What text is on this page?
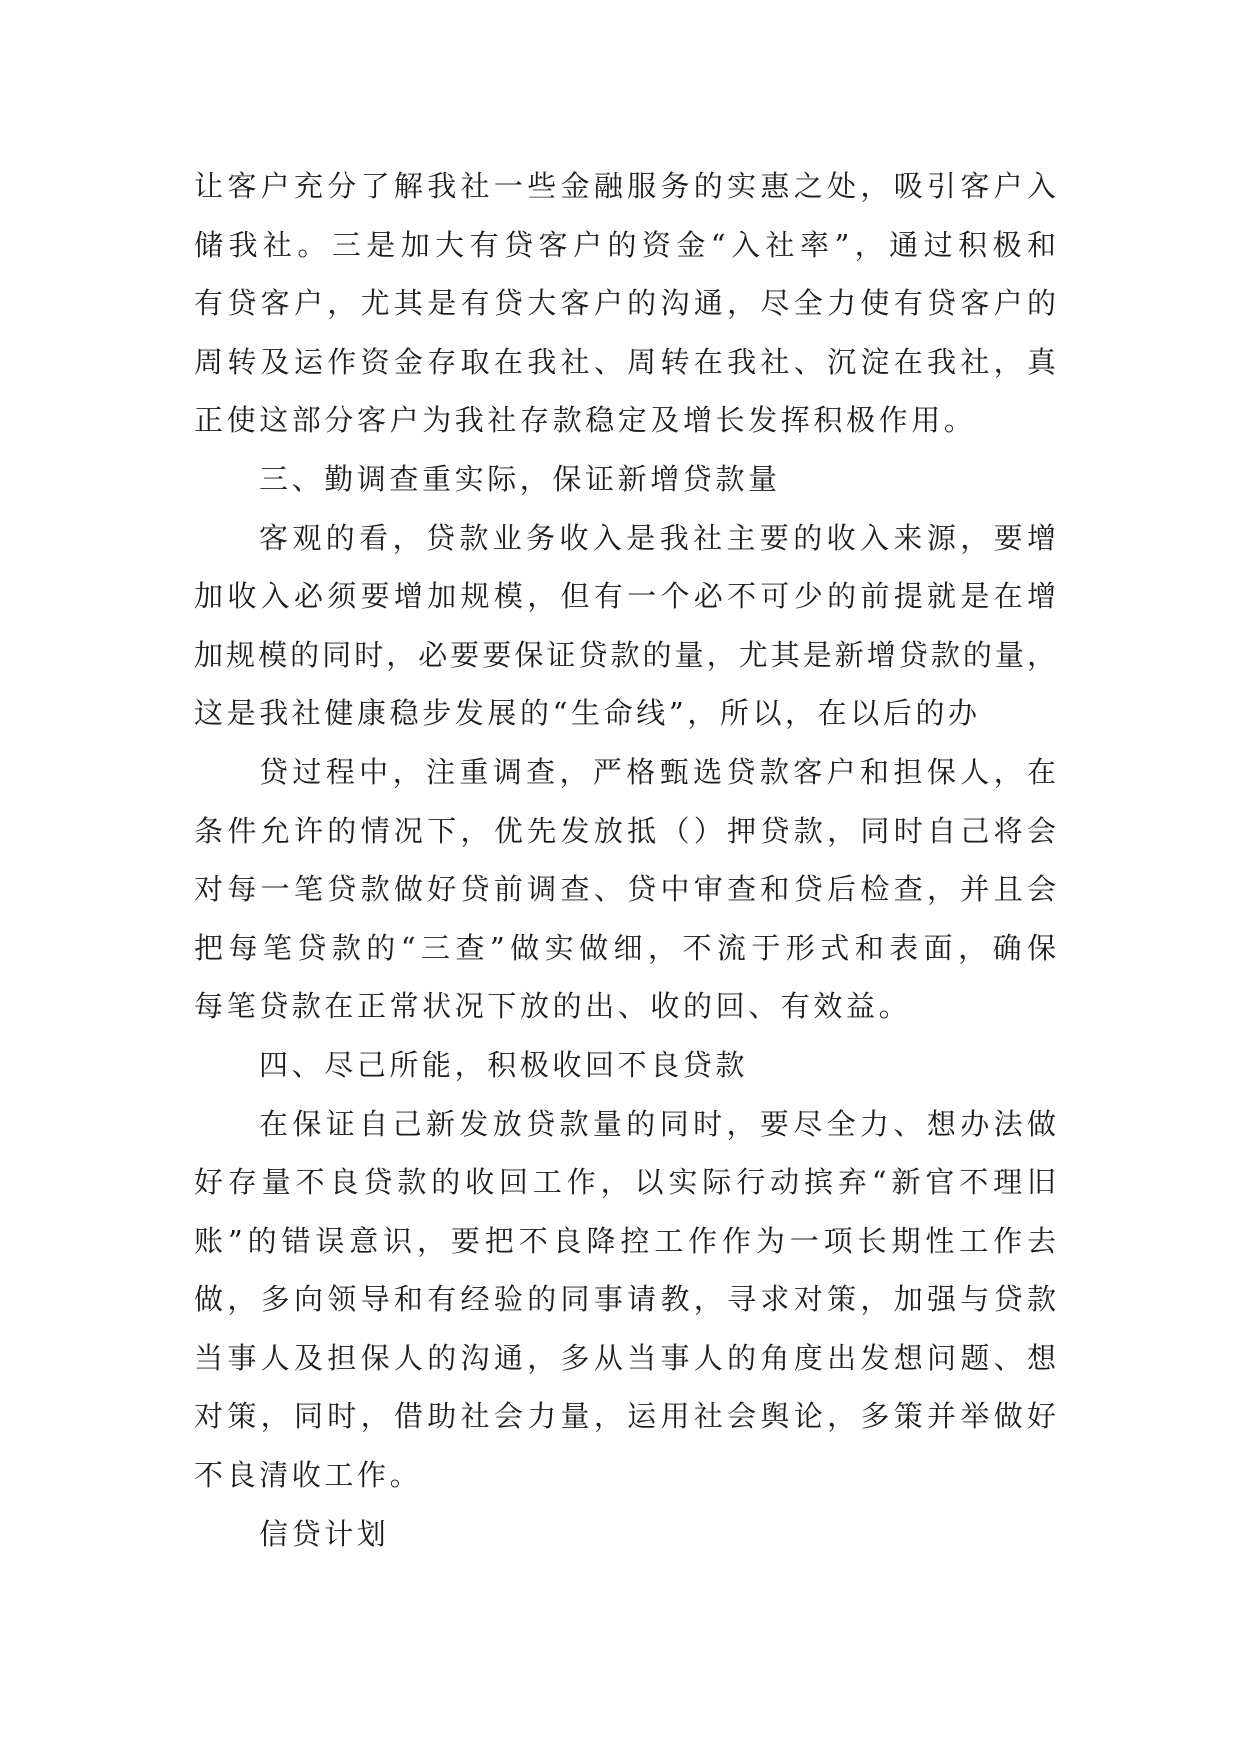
让客户充分了解我社一些金融服务的实惠之处，吸引客户入
储我社。三是加大有贷客户的资金“入社率”，通过积极和
有贷客户，尤其是有贷大客户的沟通，尽全力使有贷客户的
周转及运作资金存取在我社、周转在我社、沉淀在我社，真
正使这部分客户为我社存款稳定及增长发挥积极作用。
三、勤调查重实际，保证新增贷款量
客观的看，贷款业务收入是我社主要的收入来源，要增
加收入必须要增加规模，但有一个必不可少的前提就是在增
加规模的同时，必要要保证贷款的量，尤其是新增贷款的量，
这是我社健康稳步发展的“生命线”，所以，在以后的办
贷过程中，注重调查，严格甄选贷款客户和担保人，在
条件允许的情况下，优先发放抵（）押贷款，同时自己将会
对每一笔贷款做好贷前调查、贷中审查和贷后检查，并且会
把每笔贷款的“三查”做实做细，不流于形式和表面，确保
每笔贷款在正常状况下放的出、收的回、有效益。
四、尽己所能，积极收回不良贷款
在保证自己新发放贷款量的同时，要尽全力、想办法做
好存量不良贷款的收回工作，以实际行动摈弃“新官不理旧
账”的错误意识，要把不良降控工作作为一项长期性工作去
做，多向领导和有经验的同事请教，寻求对策，加强与贷款
当事人及担保人的沟通，多从当事人的角度出发想问题、想
对策，同时，借助社会力量，运用社会舆论，多策并举做好
不良清收工作。
信贷计划
